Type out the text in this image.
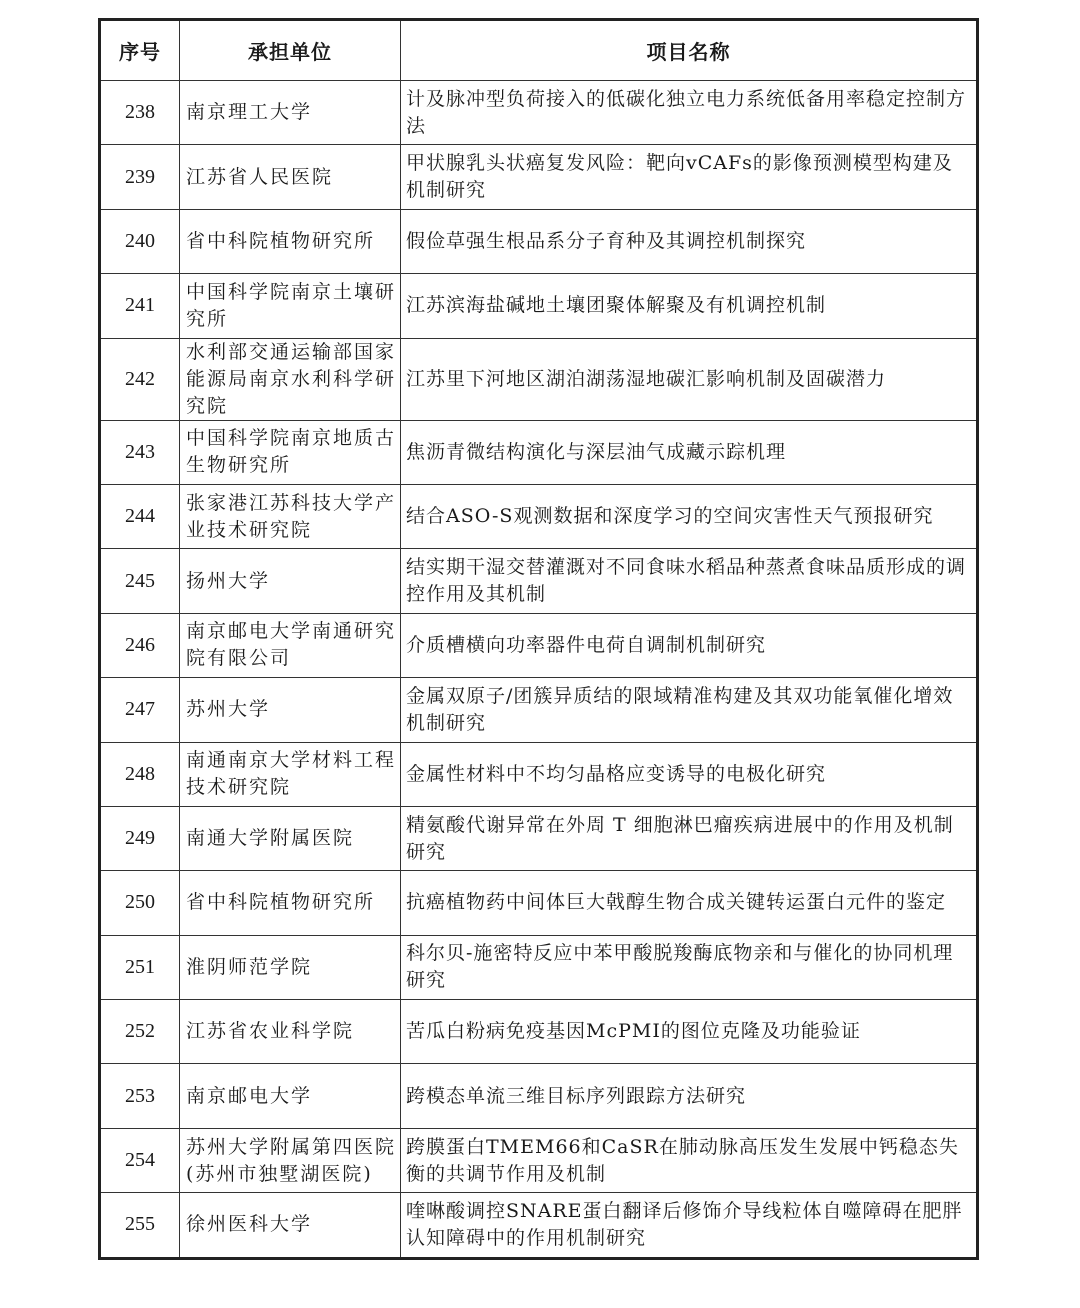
序号	承担单位	项目名称
238	南京理工大学	计及脉冲型负荷接入的低碳化独立电力系统低备用率稳定控制方法
239	江苏省人民医院	甲状腺乳头状癌复发风险：靶向vCAFs的影像预测模型构建及机制研究
240	省中科院植物研究所	假俭草强生根品系分子育种及其调控机制探究
241	中国科学院南京土壤研究所	江苏滨海盐碱地土壤团聚体解聚及有机调控机制
242	水利部交通运输部国家能源局南京水利科学研究院	江苏里下河地区湖泊湖荡湿地碳汇影响机制及固碳潜力
243	中国科学院南京地质古生物研究所	焦沥青微结构演化与深层油气成藏示踪机理
244	张家港江苏科技大学产业技术研究院	结合ASO-S观测数据和深度学习的空间灾害性天气预报研究
245	扬州大学	结实期干湿交替灌溉对不同食味水稻品种蒸煮食味品质形成的调控作用及其机制
246	南京邮电大学南通研究院有限公司	介质槽横向功率器件电荷自调制机制研究
247	苏州大学	金属双原子/团簇异质结的限域精准构建及其双功能氧催化增效机制研究
248	南通南京大学材料工程技术研究院	金属性材料中不均匀晶格应变诱导的电极化研究
249	南通大学附属医院	精氨酸代谢异常在外周 T 细胞淋巴瘤疾病进展中的作用及机制研究
250	省中科院植物研究所	抗癌植物药中间体巨大戟醇生物合成关键转运蛋白元件的鉴定
251	淮阴师范学院	科尔贝-施密特反应中苯甲酸脱羧酶底物亲和与催化的协同机理研究
252	江苏省农业科学院	苦瓜白粉病免疫基因McPMI的图位克隆及功能验证
253	南京邮电大学	跨模态单流三维目标序列跟踪方法研究
254	苏州大学附属第四医院(苏州市独墅湖医院)	跨膜蛋白TMEM66和CaSR在肺动脉高压发生发展中钙稳态失衡的共调节作用及机制
255	徐州医科大学	喹啉酸调控SNARE蛋白翻译后修饰介导线粒体自噬障碍在肥胖认知障碍中的作用机制研究
